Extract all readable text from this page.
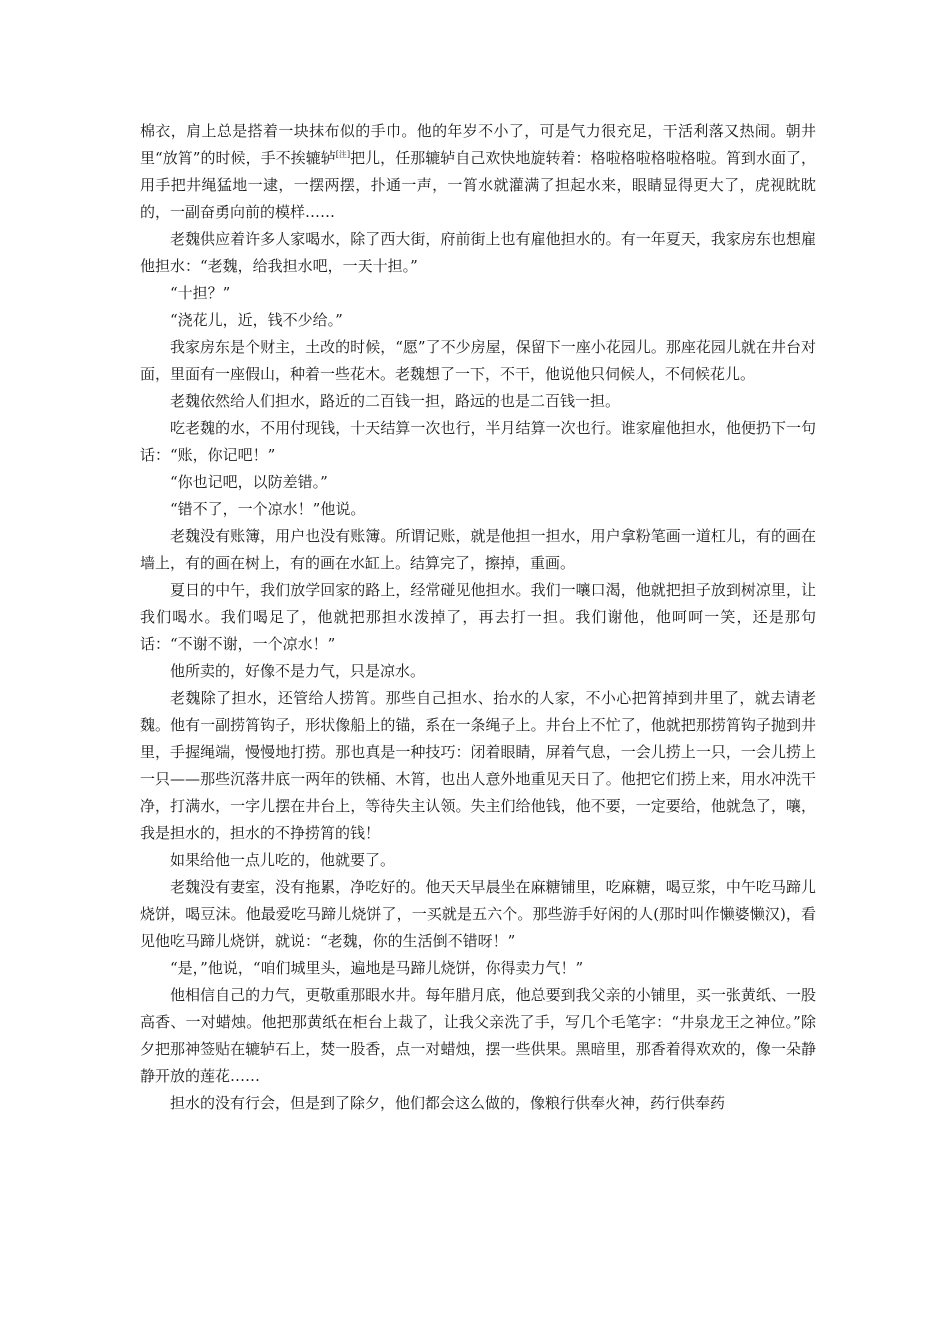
棉衣，肩上总是搭着一块抹布似的手巾。他的年岁不小了，可是气力很充足，干活利落又热闹。朝井里“放筲”的时候，手不挨辘轳[注]把儿，任那辘轳自己欢快地旋转着：格啦格啦格啦格啦。筲到水面了，用手把井绳猛地一逮，一摆两摆，扑通一声，一筲水就灌满了担起水来，眼睛显得更大了，虎视眈眈的，一副奋勇向前的模样……

老魏供应着许多人家喝水，除了西大街，府前街上也有雇他担水的。有一年夏天，我家房东也想雇他担水：“老魏，给我担水吧，一天十担。”

“十担？”

“浇花儿，近，钱不少给。”

我家房东是个财主，土改的时候，“愿”了不少房屋，保留下一座小花园儿。那座花园儿就在井台对面，里面有一座假山，种着一些花木。老魏想了一下，不干，他说他只伺候人，不伺候花儿。

老魏依然给人们担水，路近的二百钱一担，路远的也是二百钱一担。

吃老魏的水，不用付现钱，十天结算一次也行，半月结算一次也行。谁家雇他担水，他便扔下一句话：“账，你记吧！”

“你也记吧，以防差错。”

“错不了，一个凉水！”他说。

老魏没有账簿，用户也没有账簿。所谓记账，就是他担一担水，用户拿粉笔画一道杠儿，有的画在墙上，有的画在树上，有的画在水缸上。结算完了，擦掉，重画。

夏日的中午，我们放学回家的路上，经常碰见他担水。我们一嚷口渴，他就把担子放到树凉里，让我们喝水。我们喝足了，他就把那担水泼掉了，再去打一担。我们谢他，他呵呵一笑，还是那句话：“不谢不谢，一个凉水！”

他所卖的，好像不是力气，只是凉水。

老魏除了担水，还管给人捞筲。那些自己担水、抬水的人家，不小心把筲掉到井里了，就去请老魏。他有一副捞筲钩子，形状像船上的锚，系在一条绳子上。井台上不忙了，他就把那捞筲钩子抛到井里，手握绳端，慢慢地打捞。那也真是一种技巧：闭着眼睛，屏着气息，一会儿捞上一只，一会儿捞上一只——那些沉落井底一两年的铁桶、木筲，也出人意外地重见天日了。他把它们捞上来，用水冲洗干净，打满水，一字儿摆在井台上，等待失主认领。失主们给他钱，他不要，一定要给，他就急了，嚷，我是担水的，担水的不挣捞筲的钱！

如果给他一点儿吃的，他就要了。

老魏没有妻室，没有拖累，净吃好的。他天天早晨坐在麻糖铺里，吃麻糖，喝豆浆，中午吃马蹄儿烧饼，喝豆沫。他最爱吃马蹄儿烧饼了，一买就是五六个。那些游手好闲的人(那时叫作懒婆懒汉)，看见他吃马蹄儿烧饼，就说：“老魏，你的生活倒不错呀！”

“是，”他说，“咱们城里头，遍地是马蹄儿烧饼，你得卖力气！”

他相信自己的力气，更敬重那眼水井。每年腊月底，他总要到我父亲的小铺里，买一张黄纸、一股高香、一对蜡烛。他把那黄纸在柜台上裁了，让我父亲洗了手，写几个毛笔字：“井泉龙王之神位。”除夕把那神签贴在辘轳石上，焚一股香，点一对蜡烛，摆一些供果。黑暗里，那香着得欢欢的，像一朵静静开放的莲花……

担水的没有行会，但是到了除夕，他们都会这么做的，像粮行供奉火神，药行供奉药
